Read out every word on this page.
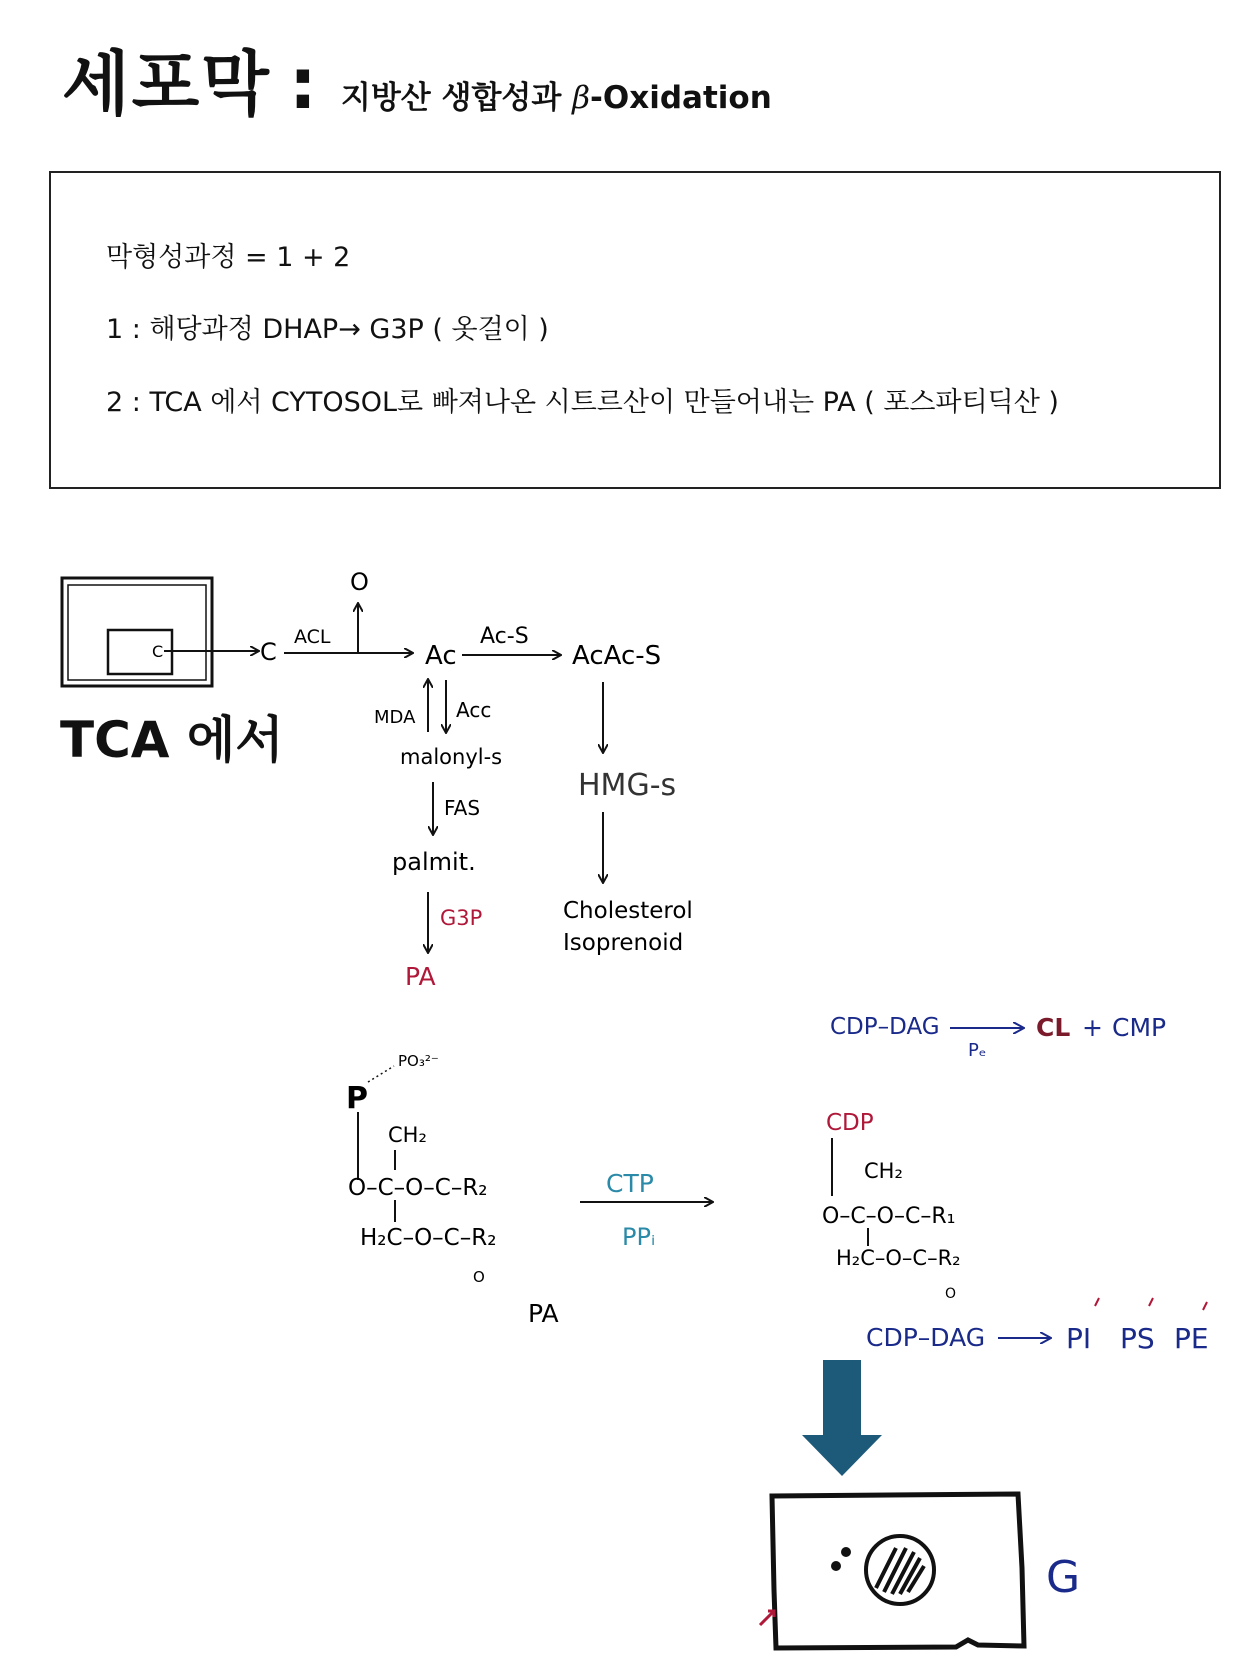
세포막 : 지방산 생합성과 β-Oxidation
막형성과정 = 1 + 2
1 : 해당과정 DHAP→ G3P ( 옷걸이 )
2 : TCA 에서 CYTOSOL로 빠져나온 시트르산이 만들어내는 PA ( 포스파티딕산 )
TCA 에서
C	C
ACL
O
Ac
Ac-S
AcAc-S
MDA Acc
malonyl-s
FAS
palmit.
G3P
PA
HMG-s
Cholesterol
Isoprenoid
CDP–DAG
Pₑ
CL + CMP
P
PO₃²⁻
CH₂
O–C–O–C–R₂
H₂C–O–C–R₂
O
PA
CTP
PPᵢ
CDP
CH₂
O–C–O–C–R₁
H₂C–O–C–R₂
O
CDP–DAG	PI PS PE
G
